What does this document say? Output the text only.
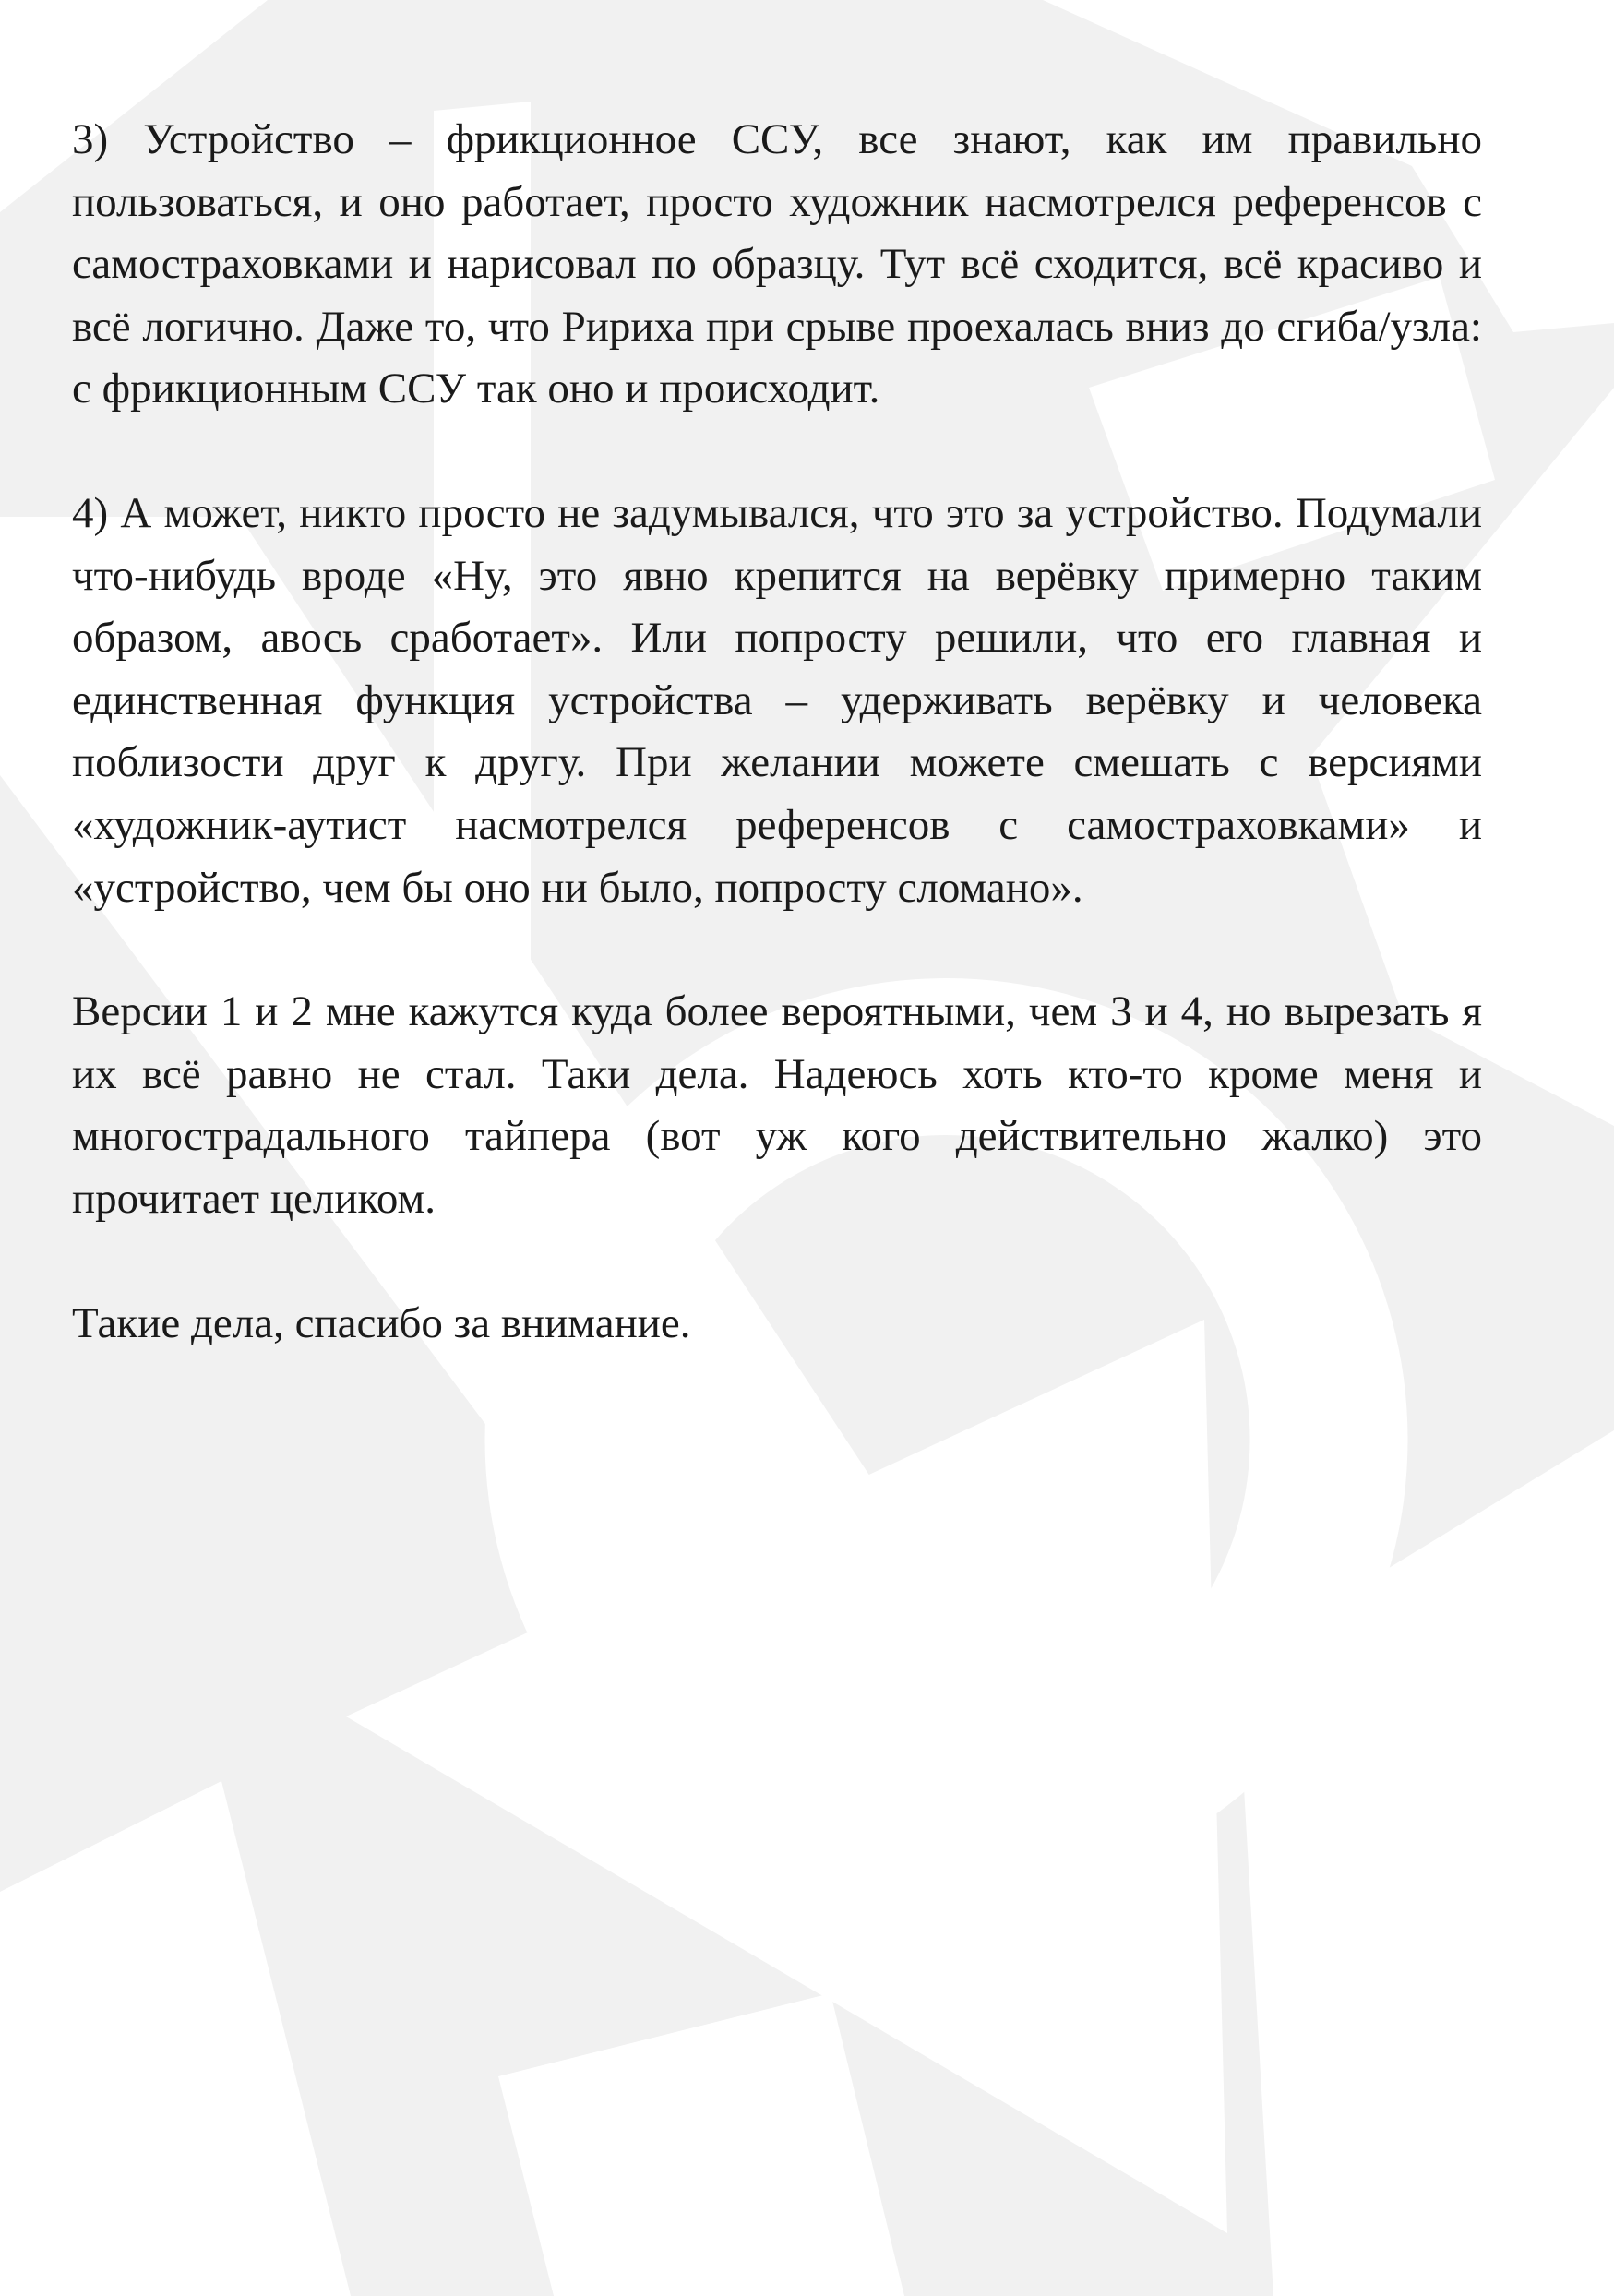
3) Устройство – фрикционное ССУ, все знают, как им правильно пользоваться, и оно работает, просто художник насмотрелся референсов с самостраховками и нарисовал по образцу. Тут всё сходится, всё красиво и всё логично. Даже то, что Ририха при срыве проехалась вниз до сгиба/узла: с фрикционным ССУ так оно и происходит.

4) А может, никто просто не задумывался, что это за устройство. Подумали что-нибудь вроде «Ну, это явно крепится на верёвку примерно таким образом, авось сработает». Или попросту решили, что его главная и единственная функция устройства – удерживать верёвку и человека поблизости друг к другу. При желании можете смешать с версиями «художник-аутист насмотрелся референсов с самостраховками» и «устройство, чем бы оно ни было, попросту сломано».

Версии 1 и 2 мне кажутся куда более вероятными, чем 3 и 4, но вырезать я их всё равно не стал. Таки дела. Надеюсь хоть кто-то кроме меня и многострадального тайпера (вот уж кого действительно жалко) это прочитает целиком.

Такие дела, спасибо за внимание.
